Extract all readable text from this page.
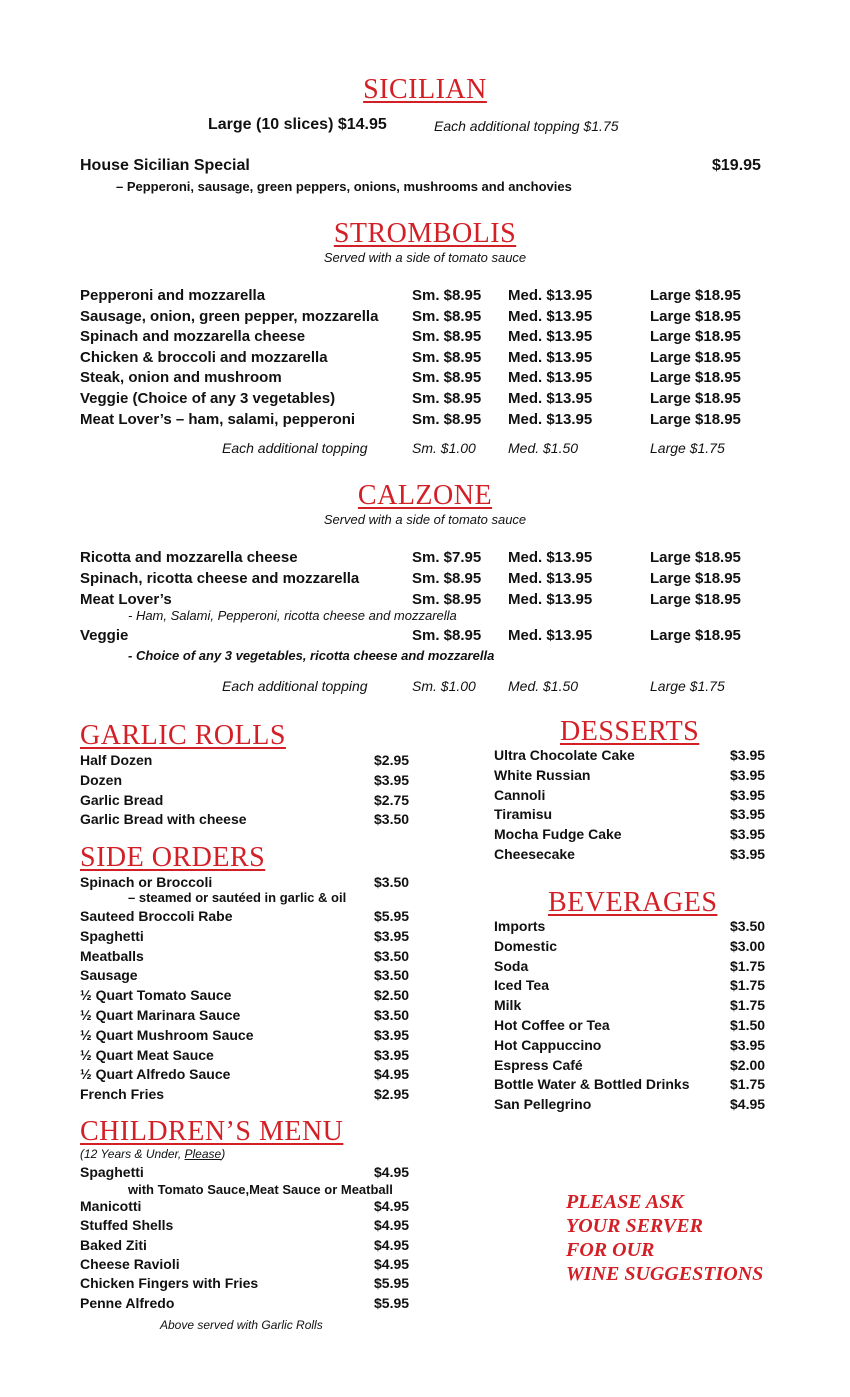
SICILIAN
Large (10 slices) $14.95	Each additional topping $1.75
House Sicilian Special	$19.95
– Pepperoni, sausage, green peppers, onions, mushrooms and anchovies
STROMBOLIS
Served with a side of tomato sauce
Pepperoni and mozzarella	Sm. $8.95 Med. $13.95	Large $18.95
Sausage, onion, green pepper, mozzarella Sm. $8.95 Med. $13.95	Large $18.95
Spinach and mozzarella cheese	Sm. $8.95 Med. $13.95	Large $18.95
Chicken & broccoli and mozzarella	Sm. $8.95 Med. $13.95	Large $18.95
Steak, onion and mushroom	Sm. $8.95 Med. $13.95	Large $18.95
Veggie (Choice of any 3 vegetables)	Sm. $8.95 Med. $13.95	Large $18.95
Meat Lover’s – ham, salami, pepperoni	Sm. $8.95 Med. $13.95	Large $18.95
Each additional topping	Sm. $1.00 Med. $1.50	Large $1.75
CALZONE
Served with a side of tomato sauce
Ricotta and mozzarella cheese	Sm. $7.95 Med. $13.95	Large $18.95
Spinach, ricotta cheese and mozzarella	Sm. $8.95 Med. $13.95	Large $18.95
Meat Lover’s	Sm. $8.95 Med. $13.95	Large $18.95
Veggie	Sm. $8.95 Med. $13.95	Large $18.95
- Ham, Salami, Pepperoni, ricotta cheese and mozzarella
- Choice of any 3 vegetables, ricotta cheese and mozzarella
Each additional topping	Sm. $1.00 Med. $1.50	Large $1.75
GARLIC ROLLS
Half Dozen	$2.95
Dozen	$3.95
Garlic Bread	$2.75
Garlic Bread with cheese	$3.50
SIDE ORDERS
Spinach or Broccoli	$3.50
– steamed or sautéed in garlic & oil
Sauteed Broccoli Rabe	$5.95
Spaghetti	$3.95
Meatballs	$3.50
Sausage	$3.50
½ Quart Tomato Sauce	$2.50
½ Quart Marinara Sauce	$3.50
½ Quart Mushroom Sauce	$3.95
½ Quart Meat Sauce	$3.95
½ Quart Alfredo Sauce	$4.95
French Fries	$2.95
CHILDREN’S MENU
(12 Years & Under, Please)
Spaghetti	$4.95
with Tomato Sauce,Meat Sauce or Meatball
Manicotti	$4.95
Stuffed Shells	$4.95
Baked Ziti	$4.95
Cheese Ravioli	$4.95
Chicken Fingers with Fries	$5.95
Penne Alfredo	$5.95
Above served with Garlic Rolls
DESSERTS
Ultra Chocolate Cake	$3.95
White Russian	$3.95
Cannoli	$3.95
Tiramisu	$3.95
Mocha Fudge Cake	$3.95
Cheesecake	$3.95
BEVERAGES
Imports	$3.50
Domestic	$3.00
Soda	$1.75
Iced Tea	$1.75
Milk	$1.75
Hot Coffee or Tea	$1.50
Hot Cappuccino	$3.95
Espress Café	$2.00
Bottle Water & Bottled Drinks	$1.75
San Pellegrino	$4.95
PLEASE ASK
YOUR SERVER
FOR OUR
WINE SUGGESTIONS
